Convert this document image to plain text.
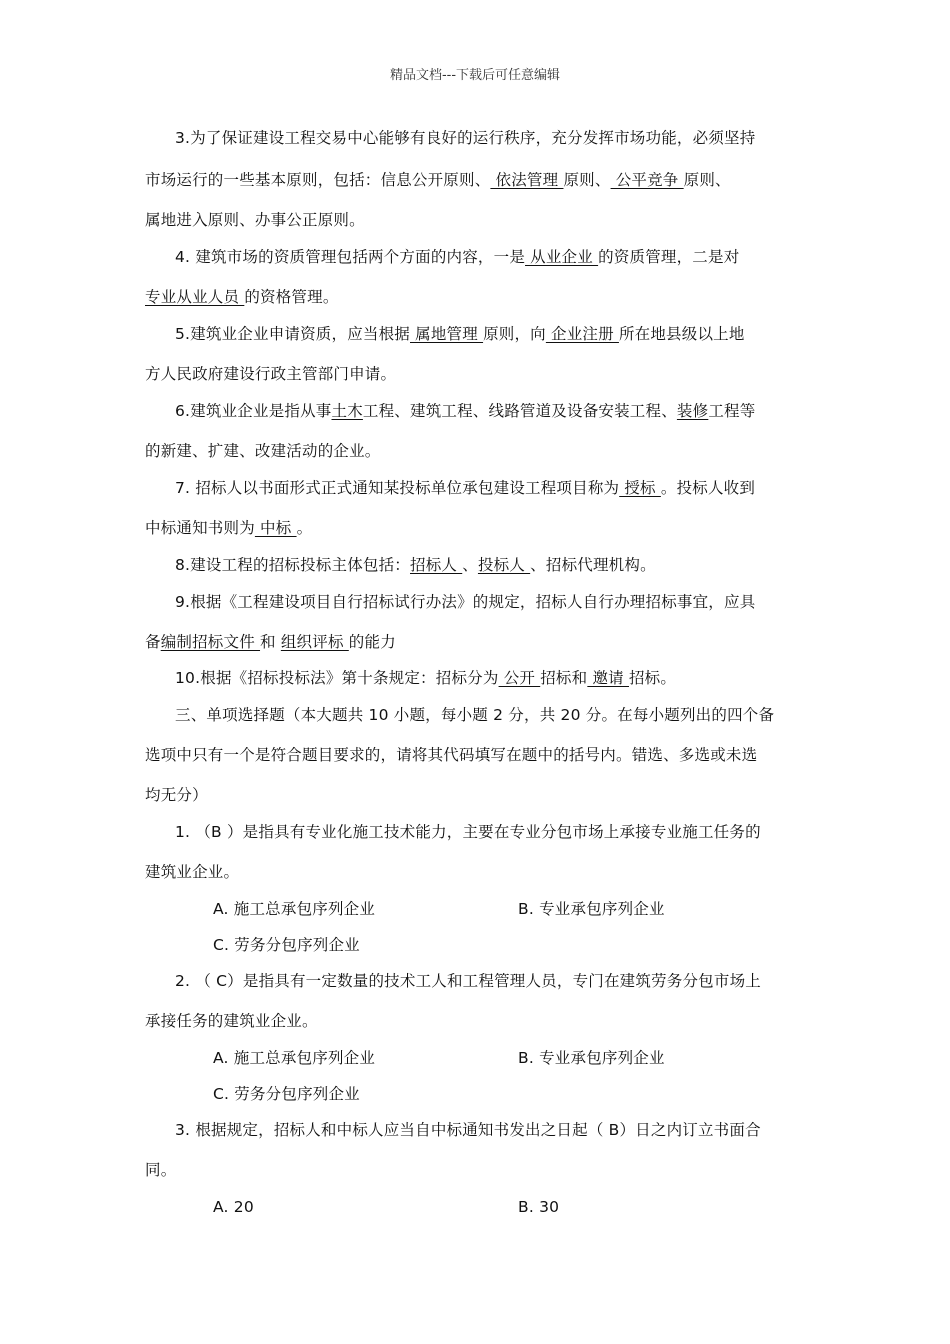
精品文档---下载后可任意编辑
3.为了保证建设工程交易中心能够有良好的运行秩序，充分发挥市场功能，必须坚持
市场运行的一些基本原则，包括：信息公开原则、 依法管理 原则、 公平竞争 原则、
属地进入原则、办事公正原则。
4. 建筑市场的资质管理包括两个方面的内容，一是 从业企业 的资质管理，二是对
专业从业人员 的资格管理。
5.建筑业企业申请资质，应当根据 属地管理 原则，向 企业注册 所在地县级以上地
方人民政府建设行政主管部门申请。
6.建筑业企业是指从事土木工程、建筑工程、线路管道及设备安装工程、装修工程等
的新建、扩建、改建活动的企业。
7. 招标人以书面形式正式通知某投标单位承包建设工程项目称为 授标 。投标人收到
中标通知书则为 中标 。
8.建设工程的招标投标主体包括：招标人 、投标人 、招标代理机构。
9.根据《工程建设项目自行招标试行办法》的规定，招标人自行办理招标事宜，应具
备编制招标文件 和 组织评标 的能力
10.根据《招标投标法》第十条规定：招标分为 公开 招标和 邀请 招标。
三、单项选择题（本大题共 10 小题，每小题 2 分，共 20 分。在每小题列出的四个备
选项中只有一个是符合题目要求的，请将其代码填写在题中的括号内。错选、多选或未选
均无分）
1. （B ）是指具有专业化施工技术能力，主要在专业分包市场上承接专业施工任务的
建筑业企业。
A. 施工总承包序列企业	B. 专业承包序列企业
C. 劳务分包序列企业
2. （ C）是指具有一定数量的技术工人和工程管理人员，专门在建筑劳务分包市场上
承接任务的建筑业企业。
A. 施工总承包序列企业	B. 专业承包序列企业
C. 劳务分包序列企业
3. 根据规定，招标人和中标人应当自中标通知书发出之日起（ B）日之内订立书面合
同。
A. 20	B. 30
